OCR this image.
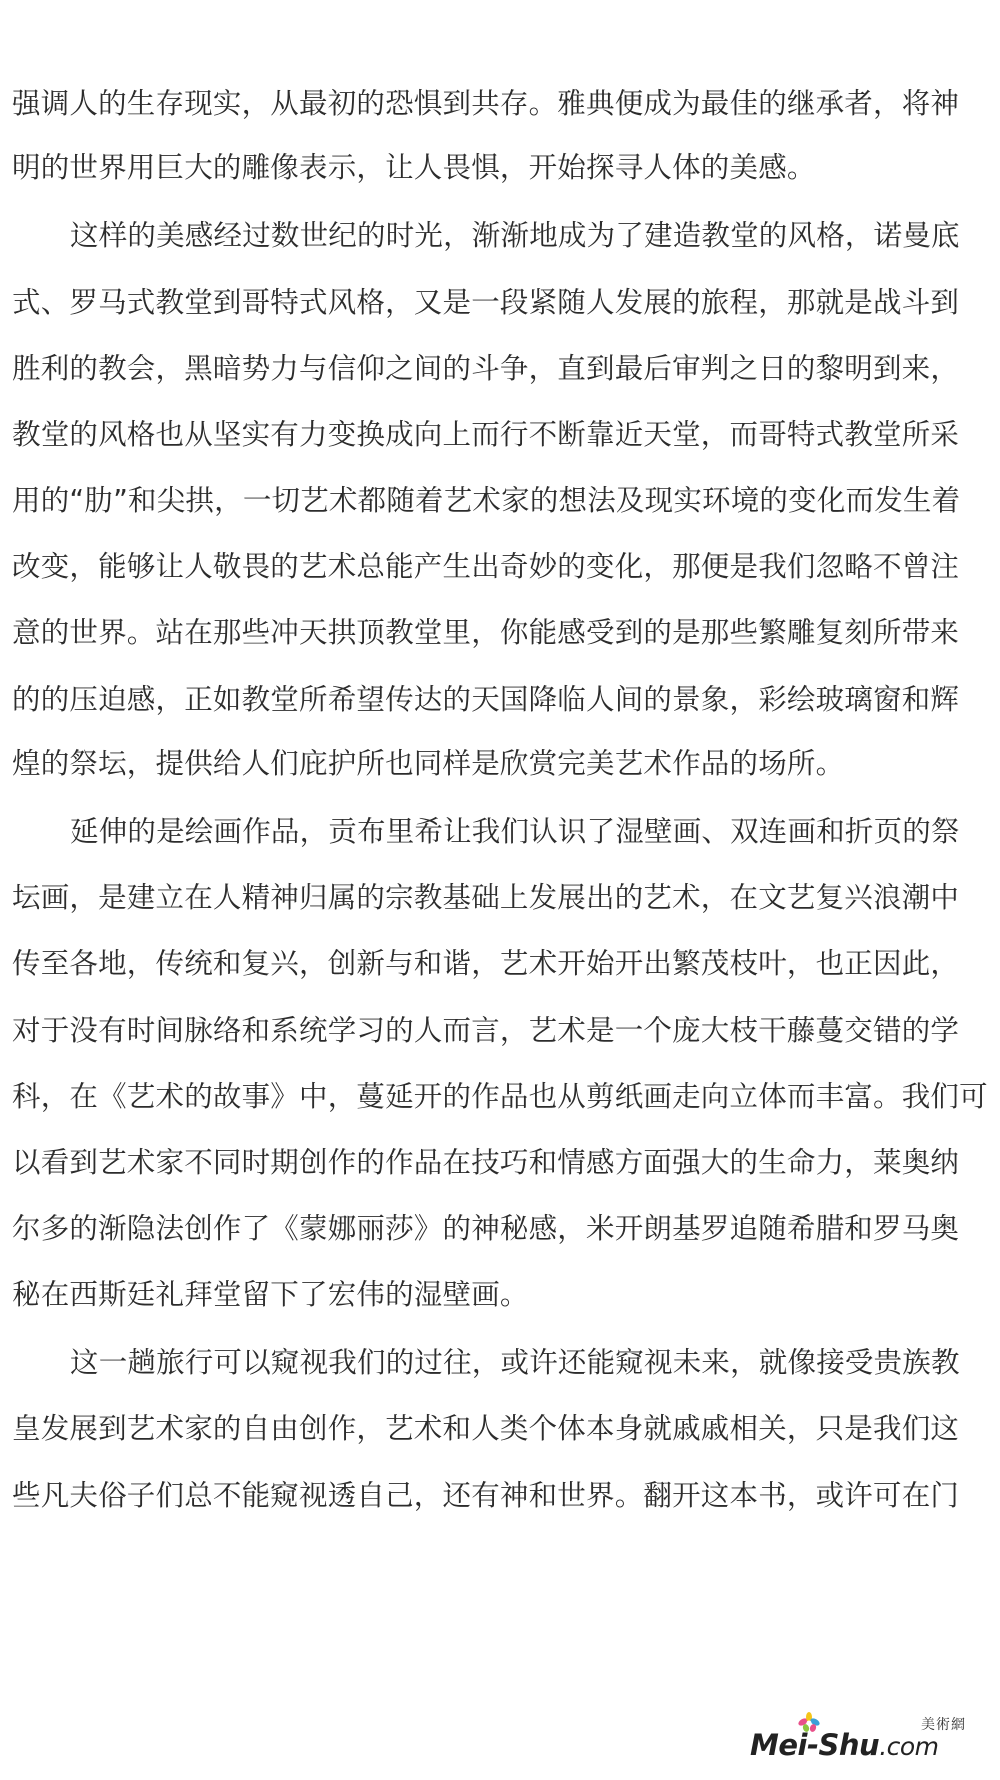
强调人的生存现实，从最初的恐惧到共存。雅典便成为最佳的继承者，将神
明的世界用巨大的雕像表示，让人畏惧，开始探寻人体的美感。
这样的美感经过数世纪的时光，渐渐地成为了建造教堂的风格，诺曼底
式、罗马式教堂到哥特式风格，又是一段紧随人发展的旅程，那就是战斗到
胜利的教会，黑暗势力与信仰之间的斗争，直到最后审判之日的黎明到来，
教堂的风格也从坚实有力变换成向上而行不断靠近天堂，而哥特式教堂所采
用的“肋”和尖拱，一切艺术都随着艺术家的想法及现实环境的变化而发生着
改变，能够让人敬畏的艺术总能产生出奇妙的变化，那便是我们忽略不曾注
意的世界。站在那些冲天拱顶教堂里，你能感受到的是那些繁雕复刻所带来
的的压迫感，正如教堂所希望传达的天国降临人间的景象，彩绘玻璃窗和辉
煌的祭坛，提供给人们庇护所也同样是欣赏完美艺术作品的场所。
延伸的是绘画作品，贡布里希让我们认识了湿壁画、双连画和折页的祭
坛画，是建立在人精神归属的宗教基础上发展出的艺术，在文艺复兴浪潮中
传至各地，传统和复兴，创新与和谐，艺术开始开出繁茂枝叶，也正因此，
对于没有时间脉络和系统学习的人而言，艺术是一个庞大枝干藤蔓交错的学
科，在《艺术的故事》中，蔓延开的作品也从剪纸画走向立体而丰富。我们可
以看到艺术家不同时期创作的作品在技巧和情感方面强大的生命力，莱奥纳
尔多的渐隐法创作了《蒙娜丽莎》的神秘感，米开朗基罗追随希腊和罗马奥
秘在西斯廷礼拜堂留下了宏伟的湿壁画。
这一趟旅行可以窥视我们的过往，或许还能窥视未来，就像接受贵族教
皇发展到艺术家的自由创作，艺术和人类个体本身就戚戚相关，只是我们这
些凡夫俗子们总不能窥视透自己，还有神和世界。翻开这本书，或许可在门
美術網
Mei-Shu.com
